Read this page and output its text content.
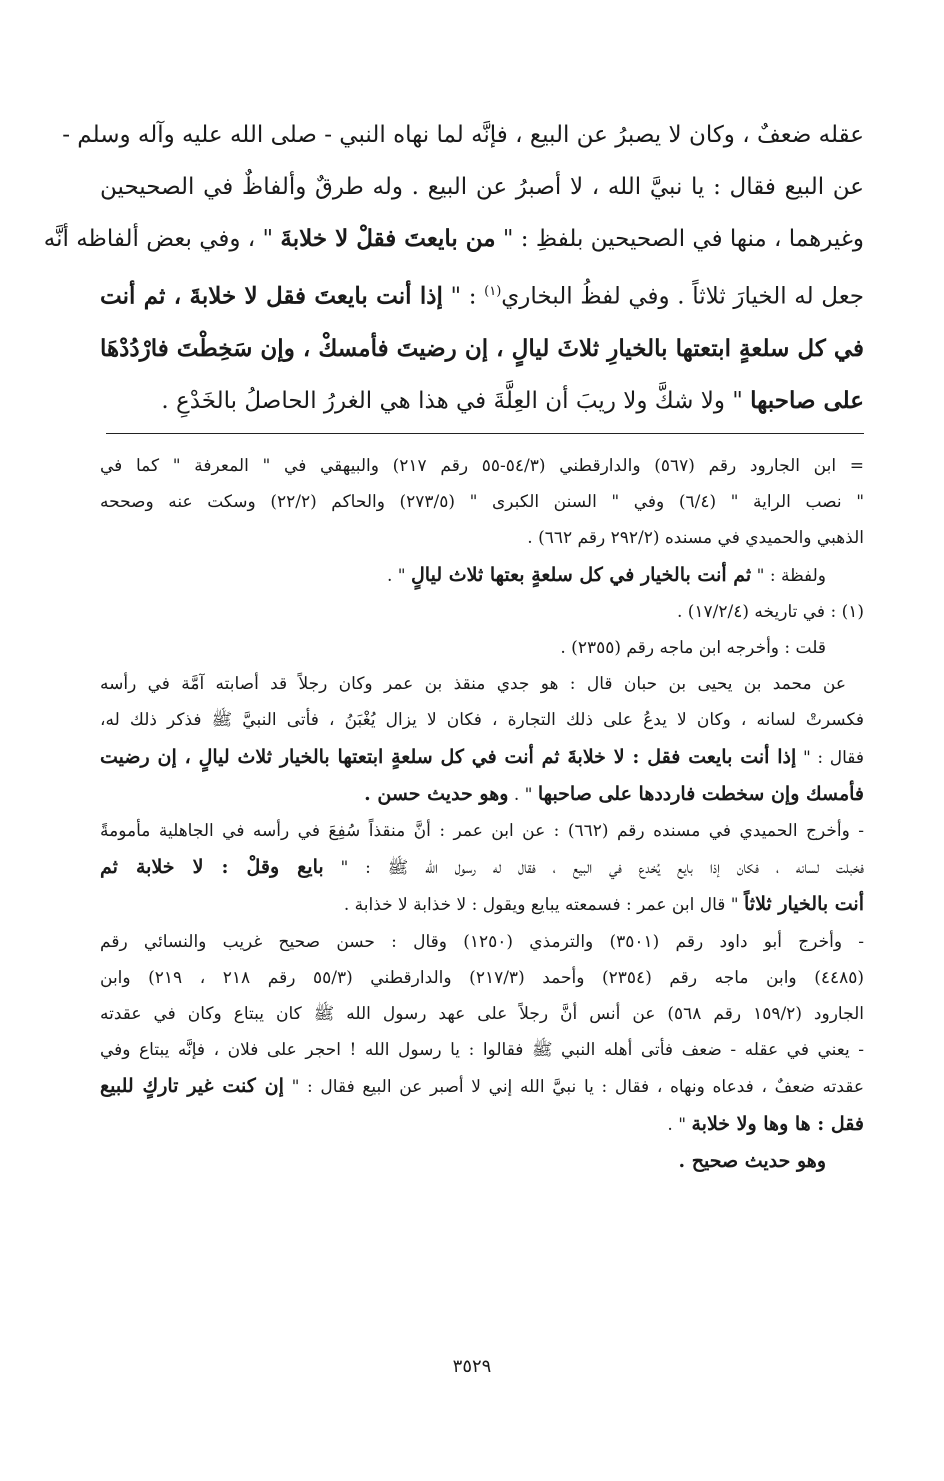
عقله ضعفٌ ، وكان لا يصبرُ عن البيع ، فإنَّه لما نهاه النبي - صلى الله عليه وآله وسلم -

عن البيع فقال : يا نبيَّ الله ، لا أصبرُ عن البيع . وله طرقٌ وألفاظٌ في الصحيحين

وغيرهما ، منها في الصحيحين بلفظِ : " من بايعتَ فقلْ لا خلابةَ " ، وفي بعض ألفاظه أنَّه

جعل له الخيارَ ثلاثاً . وفي لفظُ البخاري$^{(١)}$ : " إذا أنت بايعتَ فقل لا خلابةَ ، ثم أنت

في كل سلعةٍ ابتعتها بالخيارِ ثلاثَ ليالٍ ، إن رضيتَ فأمسكْ ، وإن سَخِطْتَ فارْدُدْهَا

على صاحبها " ولا شكَّ ولا ريبَ أن العِلَّةَ في هذا هي الغررُ الحاصلُ بالخَدْعِ .

= ابن الجارود رقم (٥٦٧) والدارقطني (٥٤/٣-٥٥ رقم ٢١٧) والبيهقي في " المعرفة " كما في

" نصب الراية " (٦/٤) وفي " السنن الكبرى " (٢٧٣/٥) والحاكم (٢٢/٢) وسكت عنه وصححه

الذهبي والحميدي في مسنده (٢٩٢/٢ رقم ٦٦٢) .

ولفظة : " ثم أنت بالخيار في كل سلعةٍ بعتها ثلاث ليالٍ " .

(١) : في تاريخه (١٧/٢/٤) .

قلت : وأخرجه ابن ماجه رقم (٢٣٥٥) .

عن محمد بن يحيى بن حبان قال : هو جدي منقذ بن عمر وكان رجلاً قد أصابته آمَّة في رأسه

فكسرتْ لسانه ، وكان لا يدعُ على ذلك التجارة ، فكان لا يزال يُغْبَنُ ، فأتى النبيَّ ﷺ فذكر ذلك له،

فقال : " إذا أنت بايعت فقل : لا خلابةَ ثم أنت في كل سلعةٍ ابتعتها بالخيار ثلاث ليالٍ ، إن رضيت

فأمسك وإن سخطت فارددها على صاحبها " . وهو حديث حسن .

- وأخرج الحميدي في مسنده رقم (٦٦٢) : عن ابن عمر : أنَّ منقذاً سُفِعَ في رأسه في الجاهلية مأمومةً

فخبلت لسانه ، فكان إذا بايع يُخدع في البيع ، فقال له رسول الله ﷺ : " بايع وقلْ : لا خلابة ثم

أنت بالخيار ثلاثاً " قال ابن عمر : فسمعته يبايع ويقول : لا خذابة لا خذابة .

- وأخرج أبو داود رقم (٣٥٠١) والترمذي (١٢٥٠) وقال : حسن صحيح غريب والنسائي رقم

(٤٤٨٥) وابن ماجه رقم (٢٣٥٤) وأحمد (٢١٧/٣) والدارقطني (٥٥/٣ رقم ٢١٨ ، ٢١٩) وابن

الجارود (١٥٩/٢ رقم ٥٦٨) عن أنس أنَّ رجلاً على عهد رسول الله ﷺ كان يبتاع وكان في عقدته

- يعني في عقله - ضعف فأتى أهله النبي ﷺ فقالوا : يا رسول الله ! احجر على فلان ، فإنَّه يبتاع وفي

عقدته ضعفٌ ، فدعاه ونهاه ، فقال : يا نبيَّ الله إني لا أصبر عن البيع فقال : " إن كنت غير تاركٍ للبيع

فقل : ها وها ولا خلابة " .

وهو حديث صحيح .

٣٥٢٩
